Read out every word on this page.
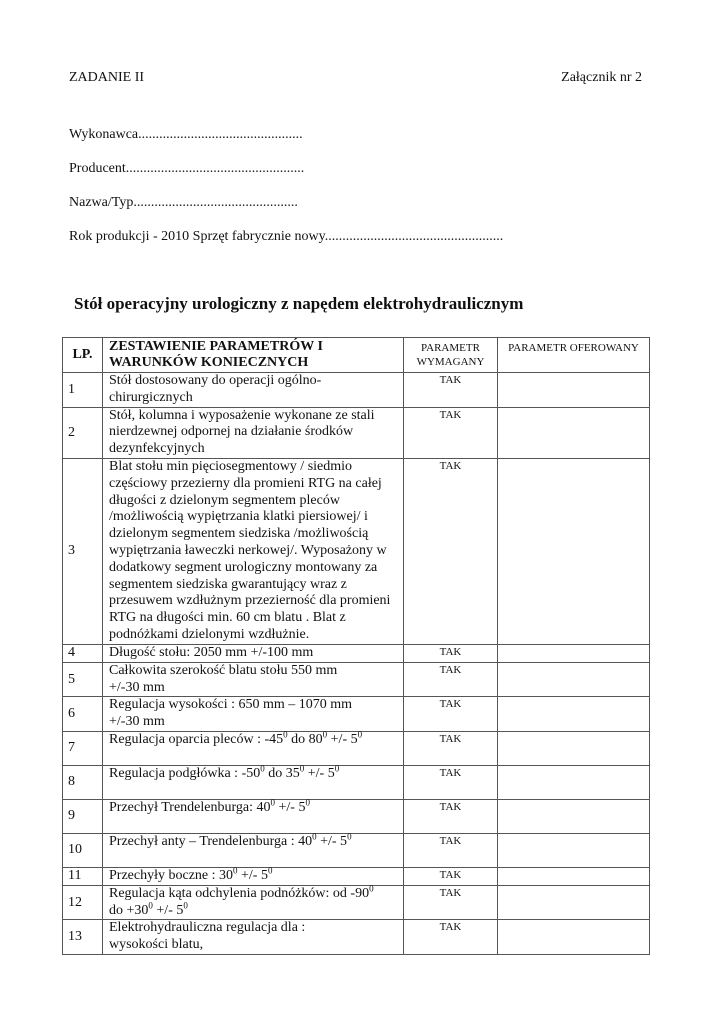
ZADANIE II	Załącznik nr 2
Wykonawca...............................................
Producent...................................................
Nazwa/Typ...............................................
Rok produkcji - 2010 Sprzęt fabrycznie nowy...................................................
Stół operacyjny urologiczny z napędem elektrohydraulicznym
LP.	ZESTAWIENIE PARAMETRÓW I WARUNKÓW KONIECZNYCH	PARAMETR WYMAGANY	PARAMETR OFEROWANY
1	Stół dostosowany do operacji ogólno-chirurgicznych	TAK	
2	Stół, kolumna i wyposażenie wykonane ze stali nierdzewnej odpornej na działanie środków dezynfekcyjnych	TAK	
3	Blat stołu min pięciosegmentowy / siedmio częściowy przezierny dla promieni RTG na całej długości z dzielonym segmentem pleców /możliwością wypiętrzania klatki piersiowej/ i dzielonym segmentem siedziska /możliwością wypiętrzania ławeczki nerkowej/. Wyposażony w dodatkowy segment urologiczny montowany za segmentem siedziska gwarantujący wraz z przesuwem wzdłużnym przezierność dla promieni RTG na długości min. 60 cm blatu . Blat z podnóżkami dzielonymi wzdłużnie.	TAK	
4	Długość stołu: 2050 mm +/-100 mm	TAK	
5	Całkowita szerokość blatu stołu 550 mm
+/-30 mm	TAK	
6	Regulacja wysokości : 650 mm – 1070 mm
+/-30 mm	TAK	
7	Regulacja oparcia pleców : $-45^0$ do $80^0$ +/- $5^0$	TAK	
8	Regulacja podgłówka : $-50^0$ do $35^0$ +/- $5^0$	TAK	
9	Przechył Trendelenburga: $40^0$ +/- $5^0$	TAK	
10	Przechył anty – Trendelenburga : $40^0$ +/- $5^0$	TAK	
11	Przechyły boczne : $30^0$ +/- $5^0$	TAK	
12	Regulacja kąta odchylenia podnóżków: od $-90^0$
do $+30^0$ +/- $5^0$	TAK	
13	Elektrohydrauliczna regulacja dla :
wysokości blatu,	TAK	
